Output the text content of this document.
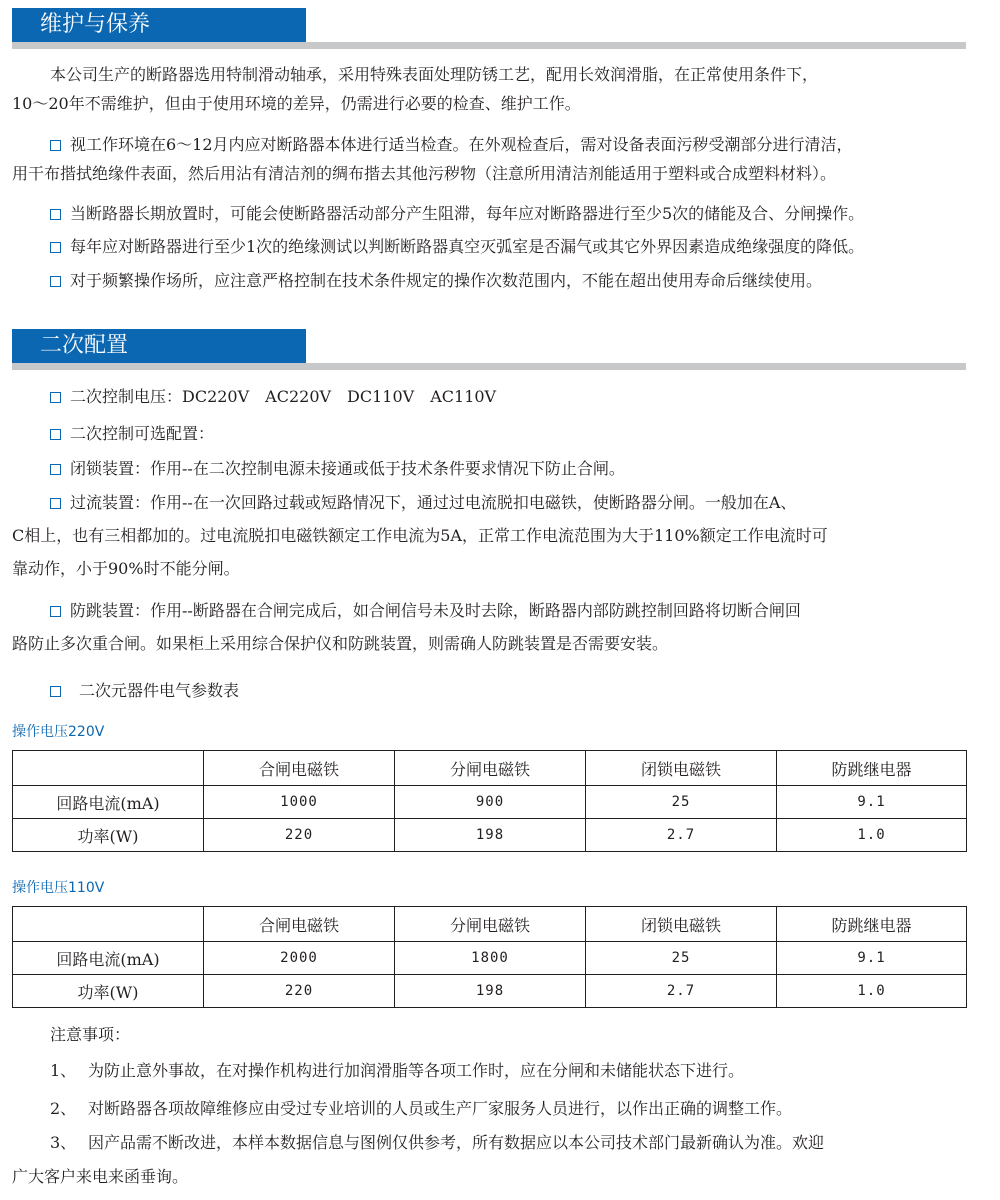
维护与保养
本公司生产的断路器选用特制滑动轴承，采用特殊表面处理防锈工艺，配用长效润滑脂，在正常使用条件下，
10～20年不需维护，但由于使用环境的差异，仍需进行必要的检查、维护工作。
视工作环境在6～12月内应对断路器本体进行适当检查。在外观检查后，需对设备表面污秽受潮部分进行清洁，
用干布揩拭绝缘件表面，然后用沾有清洁剂的绸布揩去其他污秽物（注意所用清洁剂能适用于塑料或合成塑料材料）。
当断路器长期放置时，可能会使断路器活动部分产生阻滞，每年应对断路器进行至少5次的储能及合、分闸操作。
每年应对断路器进行至少1次的绝缘测试以判断断路器真空灭弧室是否漏气或其它外界因素造成绝缘强度的降低。
对于频繁操作场所，应注意严格控制在技术条件规定的操作次数范围内，不能在超出使用寿命后继续使用。
二次配置
二次控制电压：DC220V　AC220V　DC110V　AC110V
二次控制可选配置：
闭锁装置：作用--在二次控制电源未接通或低于技术条件要求情况下防止合闸。
过流装置：作用--在一次回路过载或短路情况下，通过过电流脱扣电磁铁，使断路器分闸。一般加在A、
C相上，也有三相都加的。过电流脱扣电磁铁额定工作电流为5A，正常工作电流范围为大于110%额定工作电流时可
靠动作，小于90%时不能分闸。
防跳装置：作用--断路器在合闸完成后，如合闸信号未及时去除，断路器内部防跳控制回路将切断合闸回
路防止多次重合闸。如果柜上采用综合保护仪和防跳装置，则需确人防跳装置是否需要安装。
二次元器件电气参数表
操作电压220V
	合闸电磁铁	分闸电磁铁	闭锁电磁铁	防跳继电器
回路电流(mA)	1000	900	25	9.1
功率(W)	220	198	2.7	1.0
操作电压110V
	合闸电磁铁	分闸电磁铁	闭锁电磁铁	防跳继电器
回路电流(mA)	2000	1800	25	9.1
功率(W)	220	198	2.7	1.0
注意事项：
1、 为防止意外事故，在对操作机构进行加润滑脂等各项工作时，应在分闸和未储能状态下进行。
2、 对断路器各项故障维修应由受过专业培训的人员或生产厂家服务人员进行，以作出正确的调整工作。
3、 因产品需不断改进，本样本数据信息与图例仅供参考，所有数据应以本公司技术部门最新确认为准。欢迎
广大客户来电来函垂询。
